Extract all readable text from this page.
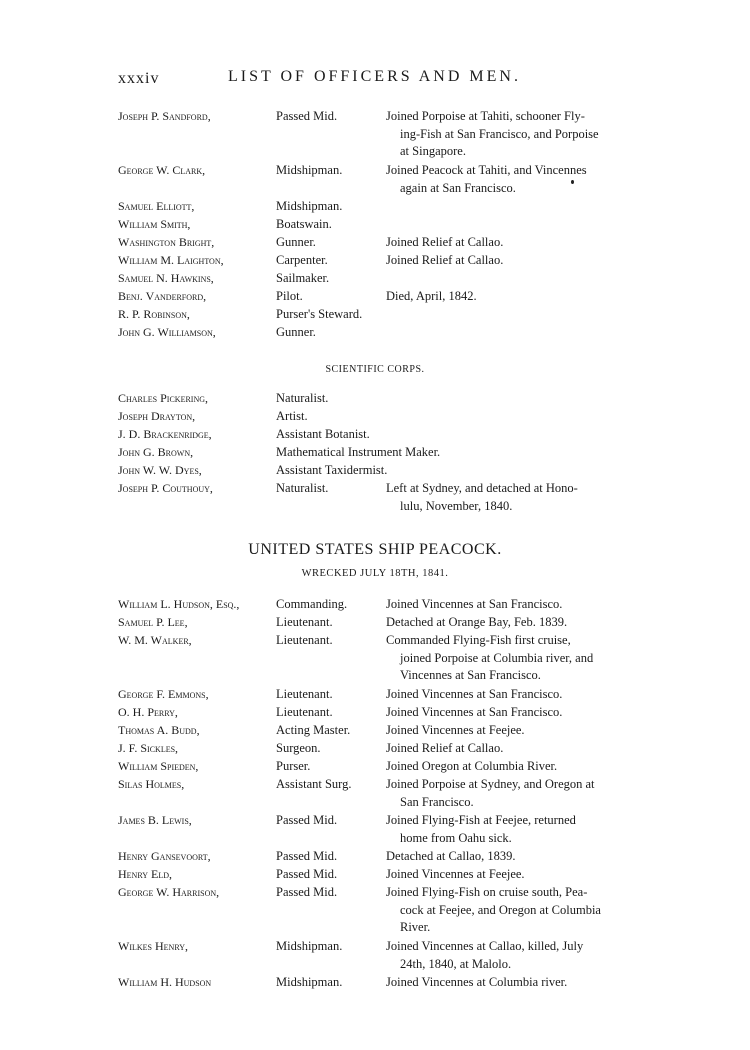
xxxiv	LIST OF OFFICERS AND MEN.
Joseph P. Sandford,	Passed Mid.	Joined Porpoise at Tahiti, schooner Fly-
ing-Fish at San Francisco, and Porpoise
at Singapore.
George W. Clark,	Midshipman.	Joined Peacock at Tahiti, and Vincennes
again at San Francisco.
Samuel Elliott,	Midshipman.
William Smith,	Boatswain.
Washington Bright,	Gunner.	Joined Relief at Callao.
William M. Laighton,	Carpenter.	Joined Relief at Callao.
Samuel N. Hawkins,	Sailmaker.
Benj. Vanderford,	Pilot.	Died, April, 1842.
R. P. Robinson,	Purser's Steward.
John G. Williamson,	Gunner.
SCIENTIFIC CORPS.
Charles Pickering,	Naturalist.
Joseph Drayton,	Artist.
J. D. Brackenridge,	Assistant Botanist.
John G. Brown,	Mathematical Instrument Maker.
John W. W. Dyes,	Assistant Taxidermist.
Joseph P. Couthouy,	Naturalist.	Left at Sydney, and detached at Hono-
lulu, November, 1840.
UNITED STATES SHIP PEACOCK.
WRECKED JULY 18TH, 1841.
William L. Hudson, Esq.,	Commanding.	Joined Vincennes at San Francisco.
Samuel P. Lee,	Lieutenant.	Detached at Orange Bay, Feb. 1839.
W. M. Walker,	Lieutenant.	Commanded Flying-Fish first cruise,
joined Porpoise at Columbia river, and
Vincennes at San Francisco.
George F. Emmons,	Lieutenant.	Joined Vincennes at San Francisco.
O. H. Perry,	Lieutenant.	Joined Vincennes at San Francisco.
Thomas A. Budd,	Acting Master.	Joined Vincennes at Feejee.
J. F. Sickles,	Surgeon.	Joined Relief at Callao.
William Spieden,	Purser.	Joined Oregon at Columbia River.
Silas Holmes,	Assistant Surg.	Joined Porpoise at Sydney, and Oregon at
San Francisco.
James B. Lewis,	Passed Mid.	Joined Flying-Fish at Feejee, returned
home from Oahu sick.
Henry Gansevoort,	Passed Mid.	Detached at Callao, 1839.
Henry Eld,	Passed Mid.	Joined Vincennes at Feejee.
George W. Harrison,	Passed Mid.	Joined Flying-Fish on cruise south, Pea-
cock at Feejee, and Oregon at Columbia
River.
Wilkes Henry,	Midshipman.	Joined Vincennes at Callao, killed, July
24th, 1840, at Malolo.
William H. Hudson	Midshipman.	Joined Vincennes at Columbia river.
